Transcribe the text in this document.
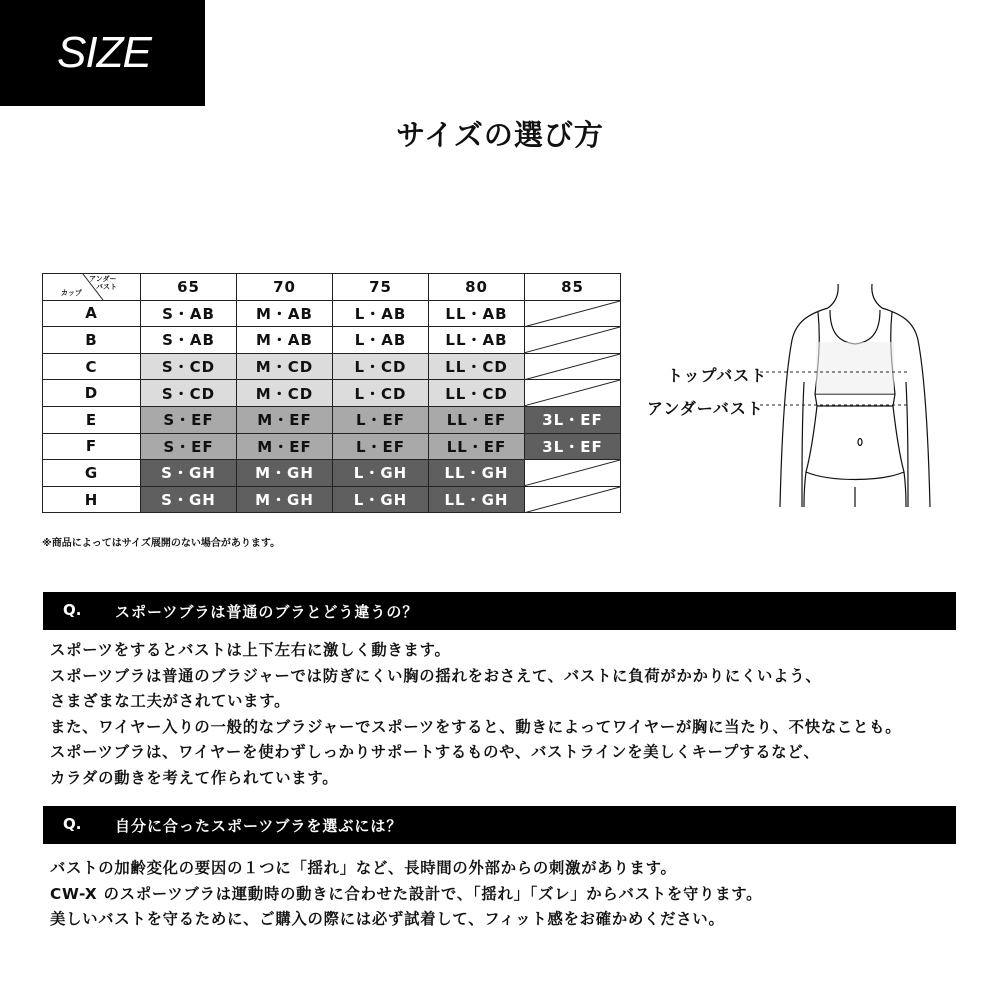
SIZE
サイズの選び方
アンダー
　バスト
カップ	65	70	75	80	85
A	S・AB	M・AB	L・AB	LL・AB	

B	S・AB	M・AB	L・AB	LL・AB	

C	S・CD	M・CD	L・CD	LL・CD	

D	S・CD	M・CD	L・CD	LL・CD	

E	S・EF	M・EF	L・EF	LL・EF	3L・EF
F	S・EF	M・EF	L・EF	LL・EF	3L・EF
G	S・GH	M・GH	L・GH	LL・GH	

H	S・GH	M・GH	L・GH	LL・GH	
※商品によってはサイズ展開のない場合があります。
トップバスト
アンダーバスト
Q. スポーツブラは普通のブラとどう違うの？
スポーツをするとバストは上下左右に激しく動きます。
スポーツブラは普通のブラジャーでは防ぎにくい胸の揺れをおさえて、バストに負荷がかかりにくいよう、
さまざまな工夫がされています。
また、ワイヤー入りの一般的なブラジャーでスポーツをすると、動きによってワイヤーが胸に当たり、不快なことも。
スポーツブラは、ワイヤーを使わずしっかりサポートするものや、バストラインを美しくキープするなど、
カラダの動きを考えて作られています。
Q. 自分に合ったスポーツブラを選ぶには？
バストの加齢変化の要因の１つに「揺れ」など、長時間の外部からの刺激があります。
CW-X のスポーツブラは運動時の動きに合わせた設計で、「揺れ」「ズレ」からバストを守ります。
美しいバストを守るために、ご購入の際には必ず試着して、フィット感をお確かめください。
